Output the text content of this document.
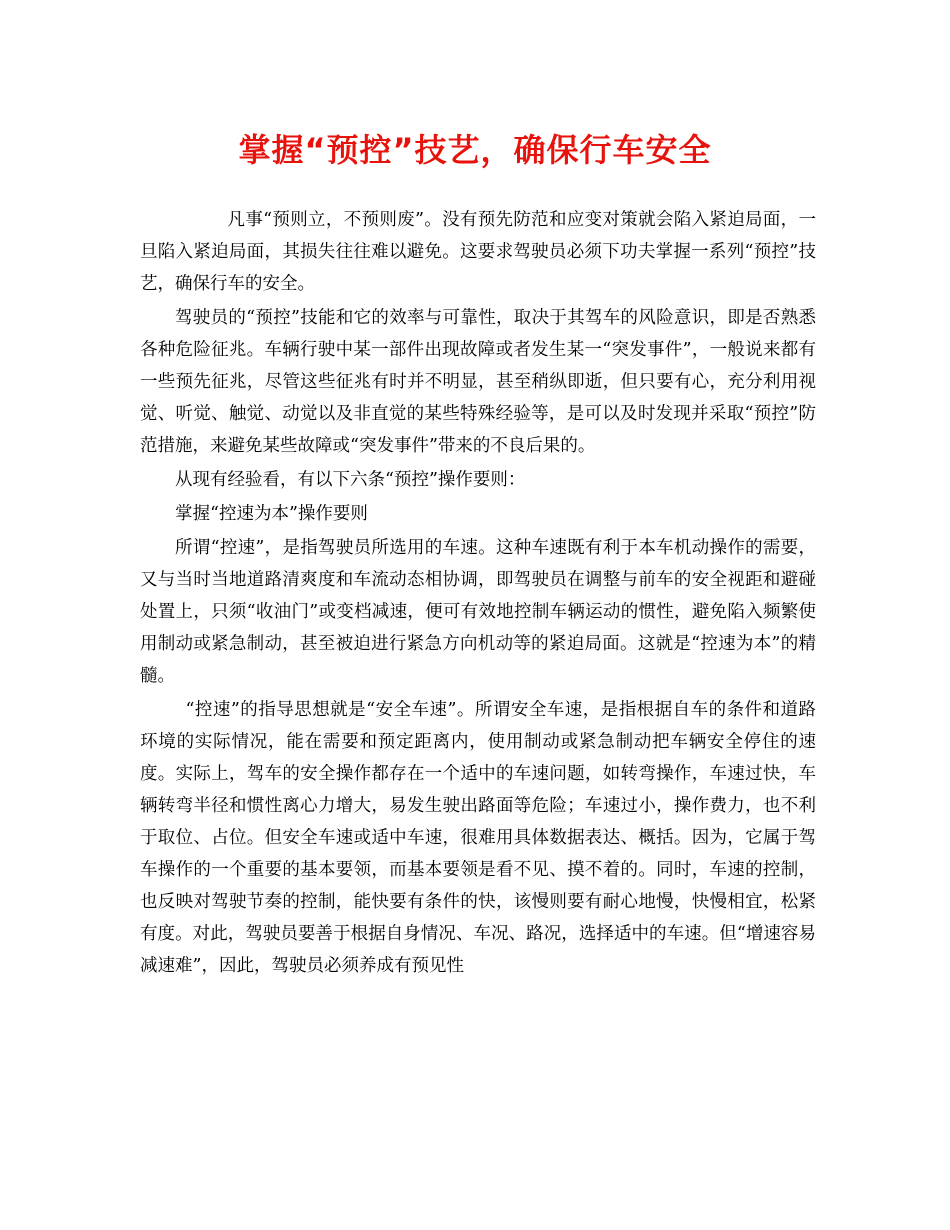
掌握“预控”技艺，确保行车安全

凡事“预则立，不预则废”。没有预先防范和应变对策就会陷入紧迫局面，一旦陷入紧迫局面，其损失往往难以避免。这要求驾驶员必须下功夫掌握一系列“预控”技艺，确保行车的安全。

驾驶员的“预控”技能和它的效率与可靠性，取决于其驾车的风险意识，即是否熟悉各种危险征兆。车辆行驶中某一部件出现故障或者发生某一“突发事件”，一般说来都有一些预先征兆，尽管这些征兆有时并不明显，甚至稍纵即逝，但只要有心，充分利用视觉、听觉、触觉、动觉以及非直觉的某些特殊经验等，是可以及时发现并采取“预控”防范措施，来避免某些故障或“突发事件”带来的不良后果的。

从现有经验看，有以下六条“预控”操作要则：

掌握“控速为本”操作要则

所谓“控速”，是指驾驶员所选用的车速。这种车速既有利于本车机动操作的需要，又与当时当地道路清爽度和车流动态相协调，即驾驶员在调整与前车的安全视距和避碰处置上，只须“收油门”或变档减速，便可有效地控制车辆运动的惯性，避免陷入频繁使用制动或紧急制动，甚至被迫进行紧急方向机动等的紧迫局面。这就是“控速为本”的精髓。

“控速”的指导思想就是“安全车速”。所谓安全车速，是指根据自车的条件和道路环境的实际情况，能在需要和预定距离内，使用制动或紧急制动把车辆安全停住的速度。实际上，驾车的安全操作都存在一个适中的车速问题，如转弯操作，车速过快，车辆转弯半径和惯性离心力增大，易发生驶出路面等危险；车速过小，操作费力，也不利于取位、占位。但安全车速或适中车速，很难用具体数据表达、概括。因为，它属于驾车操作的一个重要的基本要领，而基本要领是看不见、摸不着的。同时，车速的控制，也反映对驾驶节奏的控制，能快要有条件的快，该慢则要有耐心地慢，快慢相宜，松紧有度。对此，驾驶员要善于根据自身情况、车况、路况，选择适中的车速。但“增速容易减速难”，因此，驾驶员必须养成有预见性
